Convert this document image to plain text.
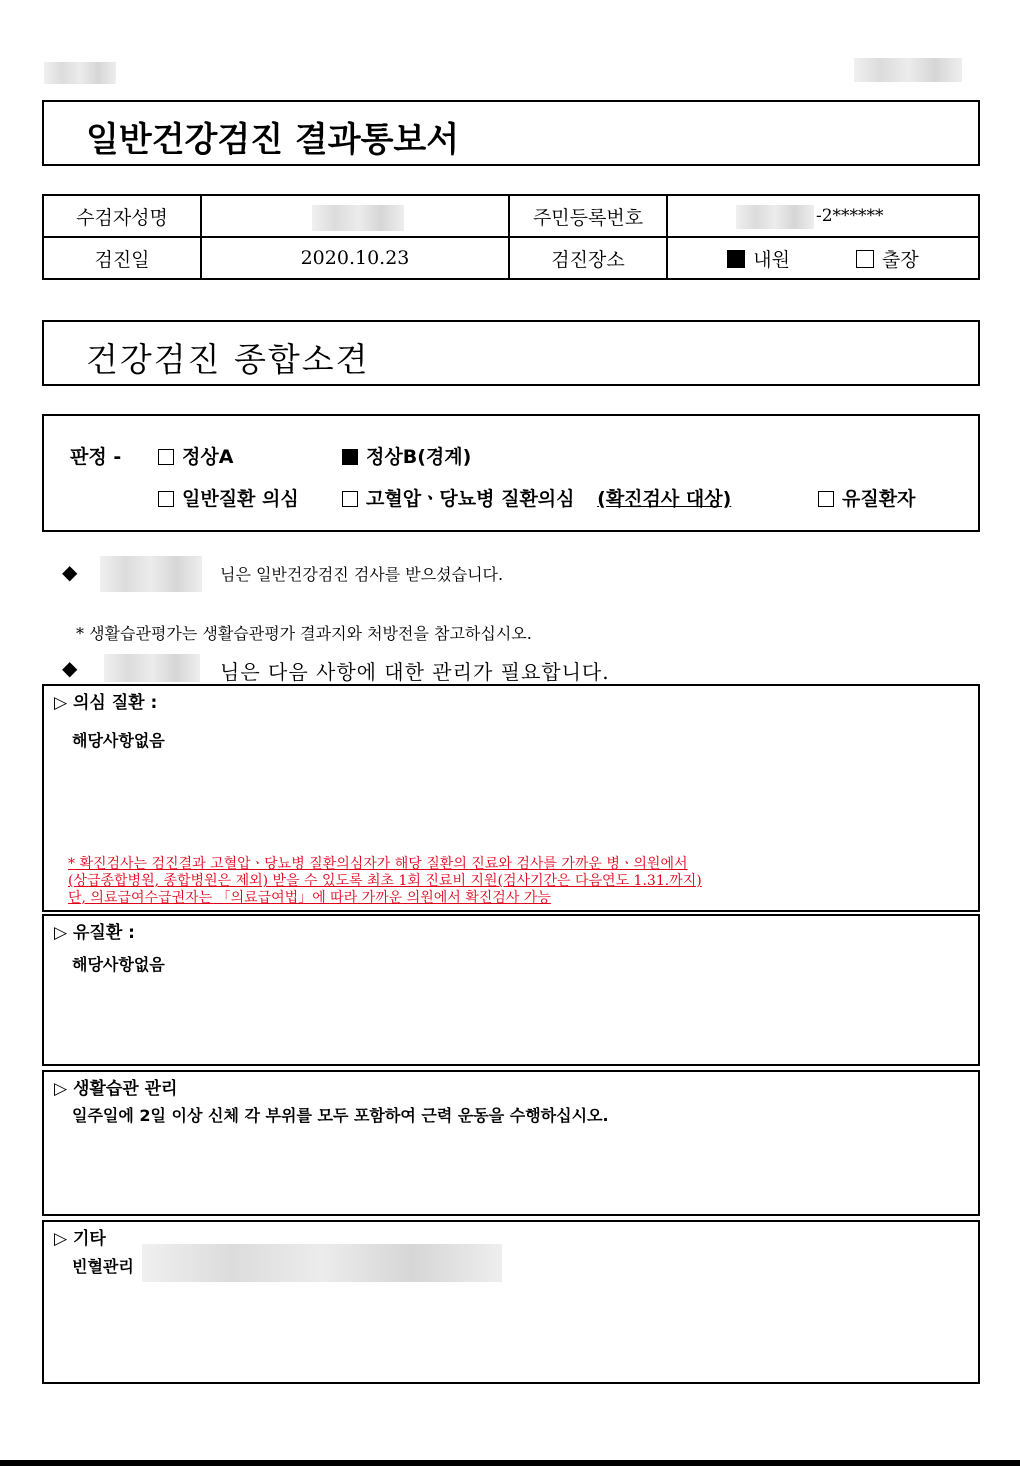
일반건강검진 결과통보서
수검자성명		주민등록번호	-2******

검진일	2020.10.23	검진장소	내원 출장
건강검진 종합소견
판정 -	정상A	정상B(경계)
일반질환 의심	고혈압ㆍ당뇨병 질환의심 (확진검사 대상)	유질환자
◆	님은 일반건강검진 검사를 받으셨습니다.
* 생활습관평가는 생활습관평가 결과지와 처방전을 참고하십시오.
◆	님은 다음 사항에 대한 관리가 필요합니다.
▷ 의심 질환 :
해당사항없음
* 확진검사는 검진결과 고혈압ㆍ당뇨병 질환의심자가 해당 질환의 진료와 검사를 가까운 병ㆍ의원에서
(상급종합병원, 종합병원은 제외) 받을 수 있도록 최초 1회 진료비 지원(검사기간은 다음연도 1.31.까지)
단, 의료급여수급권자는 「의료급여법」에 따라 가까운 의원에서 확진검사 가능
▷ 유질환 :
해당사항없음
▷ 생활습관 관리
일주일에 2일 이상 신체 각 부위를 모두 포함하여 근력 운동을 수행하십시오.
▷ 기타
빈혈관리
